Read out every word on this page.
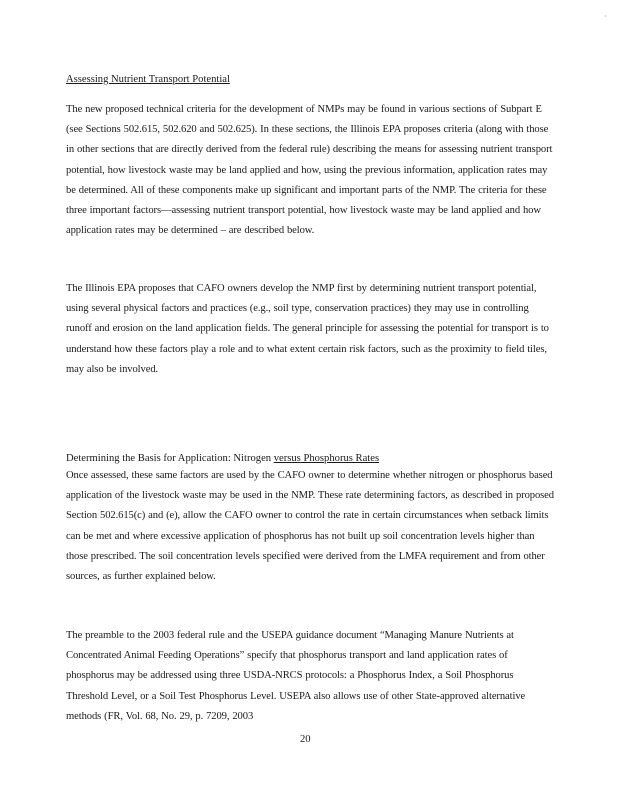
·
Assessing Nutrient Transport Potential

The new proposed technical criteria for the development of NMPs may be found in various sections of Subpart E (see Sections 502.615, 502.620 and 502.625). In these sections, the Illinois EPA proposes criteria (along with those in other sections that are directly derived from the federal rule) describing the means for assessing nutrient transport potential, how livestock waste may be land applied and how, using the previous information, application rates may be determined. All of these components make up significant and important parts of the NMP. The criteria for these three important factors—assessing nutrient transport potential, how livestock waste may be land applied and how application rates may be determined – are described below.

The Illinois EPA proposes that CAFO owners develop the NMP first by determining nutrient transport potential, using several physical factors and practices (e.g., soil type, conservation practices) they may use in controlling runoff and erosion on the land application fields. The general principle for assessing the potential for transport is to understand how these factors play a role and to what extent certain risk factors, such as the proximity to field tiles, may also be involved.

Determining the Basis for Application: Nitrogen versus Phosphorus Rates

Once assessed, these same factors are used by the CAFO owner to determine whether nitrogen or phosphorus based application of the livestock waste may be used in the NMP. These rate determining factors, as described in proposed Section 502.615(c) and (e), allow the CAFO owner to control the rate in certain circumstances when setback limits can be met and where excessive application of phosphorus has not built up soil concentration levels higher than those prescribed. The soil concentration levels specified were derived from the LMFA requirement and from other sources, as further explained below.

The preamble to the 2003 federal rule and the USEPA guidance document “Managing Manure Nutrients at Concentrated Animal Feeding Operations” specify that phosphorus transport and land application rates of phosphorus may be addressed using three USDA-NRCS protocols: a Phosphorus Index, a Soil Phosphorus Threshold Level, or a Soil Test Phosphorus Level. USEPA also allows use of other State-approved alternative methods (FR, Vol. 68, No. 29, p. 7209, 2003

20
